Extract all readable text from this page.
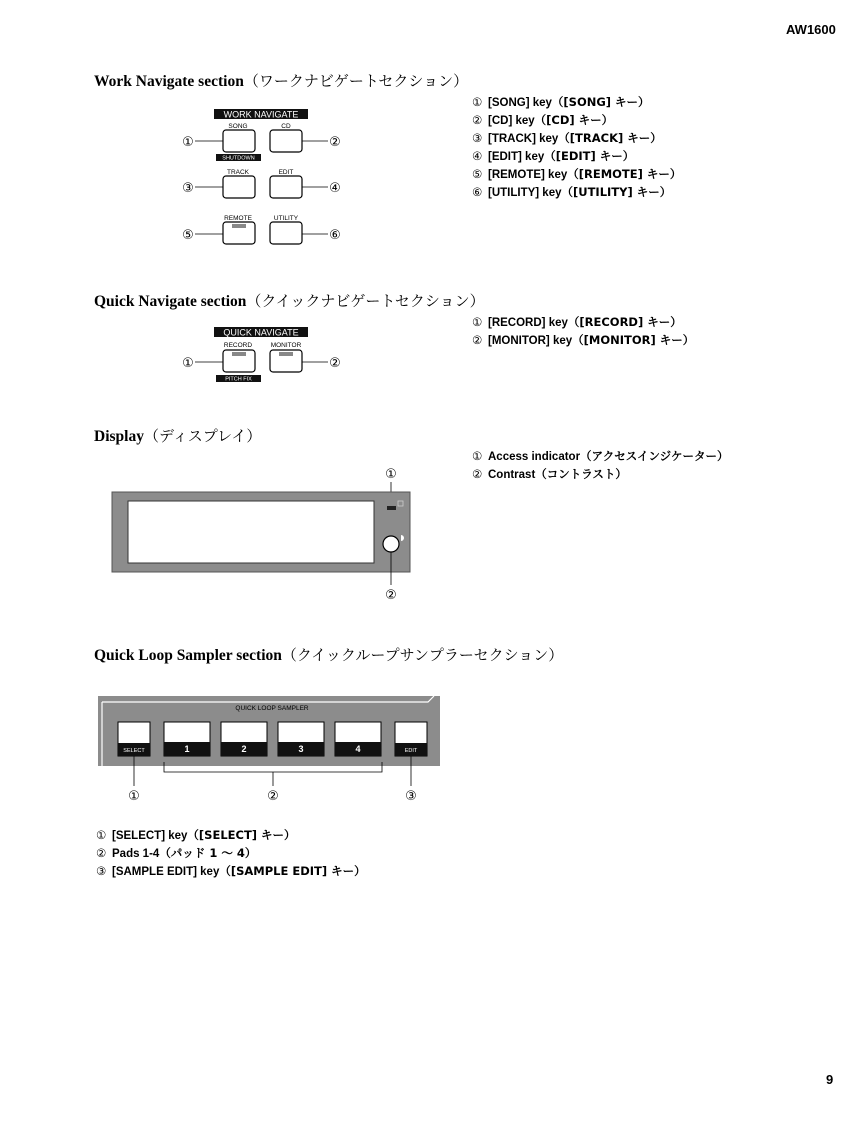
AW1600
Work Navigate section（ワークナビゲートセクション）
WORK NAVIGATE
SONG
SHUTDOWN
CD
TRACK	EDIT
REMOTE	UTILITY
①	②
③	④
⑤	⑥
① [SONG] key（[SONG] キー）
② [CD] key（[CD] キー）
③ [TRACK] key（[TRACK] キー）
④ [EDIT] key（[EDIT] キー）
⑤ [REMOTE] key（[REMOTE] キー）
⑥ [UTILITY] key（[UTILITY] キー）
Quick Navigate section（クイックナビゲートセクション）
QUICK NAVIGATE
RECORD
PITCH FIX
MONITOR
①	②
① [RECORD] key（[RECORD] キー）
② [MONITOR] key（[MONITOR] キー）
Display（ディスプレイ）
①
②
① Access indicator（アクセスインジケーター）
② Contrast（コントラスト）
Quick Loop Sampler section（クイックループサンプラーセクション）
QUICK LOOP SAMPLER
SELECT	1	2	3	4	EDIT
①	②	③
① [SELECT] key（[SELECT] キー）
② Pads 1-4（パッド 1 ～ 4）
③ [SAMPLE EDIT] key（[SAMPLE EDIT] キー）
9
